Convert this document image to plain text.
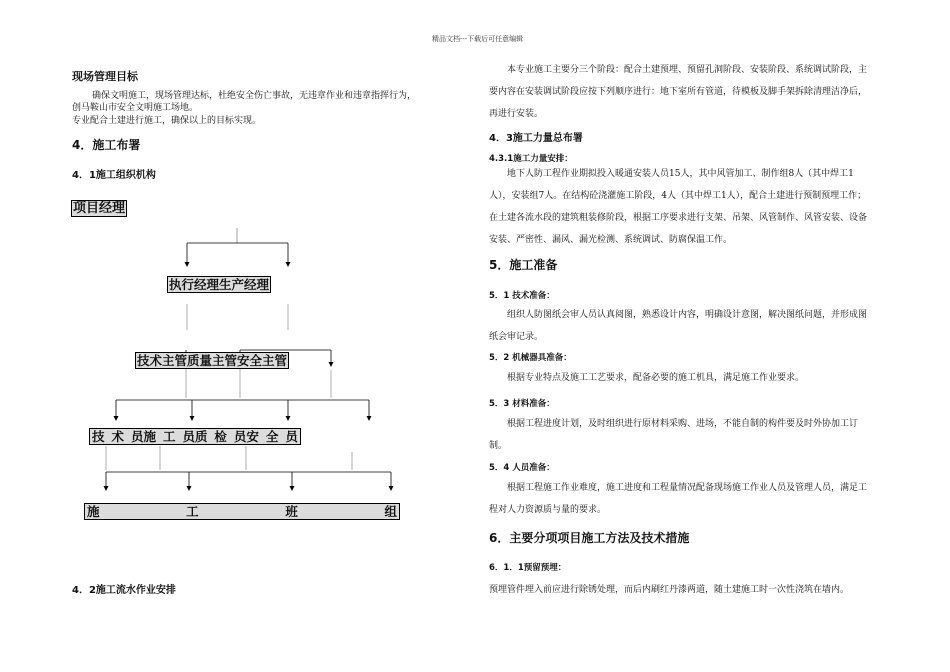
精品文档---下载后可任意编辑
现场管理目标
确保文明施工，现场管理达标，杜绝安全伤亡事故，无违章作业和违章指挥行为，
创马鞍山市安全文明施工场地。
专业配合土建进行施工，确保以上的目标实现。
4．施工布署
4．1施工组织机构
项目经理
执行经理生产经理
技术主管质量主管安全主管
技 术 员施 工 员质 检 员安 全 员
施	工	班	组
4．2施工流水作业安排
本专业施工主要分三个阶段：配合土建预埋、预留孔洞阶段、安装阶段、系统调试阶段，主要内容在安装调试阶段应按下列顺序进行：地下室所有管道，待模板及脚手架拆除清理洁净后，再进行安装。
4．3施工力量总布署
4.3.1施工力量安排：
地下人防工程作业期拟投入暖通安装人员15人，其中风管加工、制作组8人（其中焊工1人），安装组7人。在结构砼浇灌施工阶段，4人（其中焊工1人），配合土建进行预制预埋工作；在土建各流水段的建筑粗装修阶段，根据工序要求进行支架、吊架、风管制作、风管安装、设备安装、严密性、漏风、漏光检测、系统调试、防腐保温工作。
5．施工准备
5．1 技术准备：
组织人防图纸会审人员认真阅图，熟悉设计内容，明确设计意图，解决图纸问题，并形成图纸会审记录。
5．2 机械器具准备：
根据专业特点及施工工艺要求，配备必要的施工机具，满足施工作业要求。
5．3 材料准备：
根据工程进度计划，及时组织进行原材料采购、进场，不能自制的构件要及时外协加工订制。
5．4 人员准备：
根据工程施工作业难度，施工进度和工程量情况配备现场施工作业人员及管理人员，满足工程对人力资源质与量的要求。
6．主要分项项目施工方法及技术措施
6．1．1预留预埋：
预埋管件埋入前应进行除锈处理，而后内刷红丹漆两道，随土建施工时一次性浇筑在墙内。
